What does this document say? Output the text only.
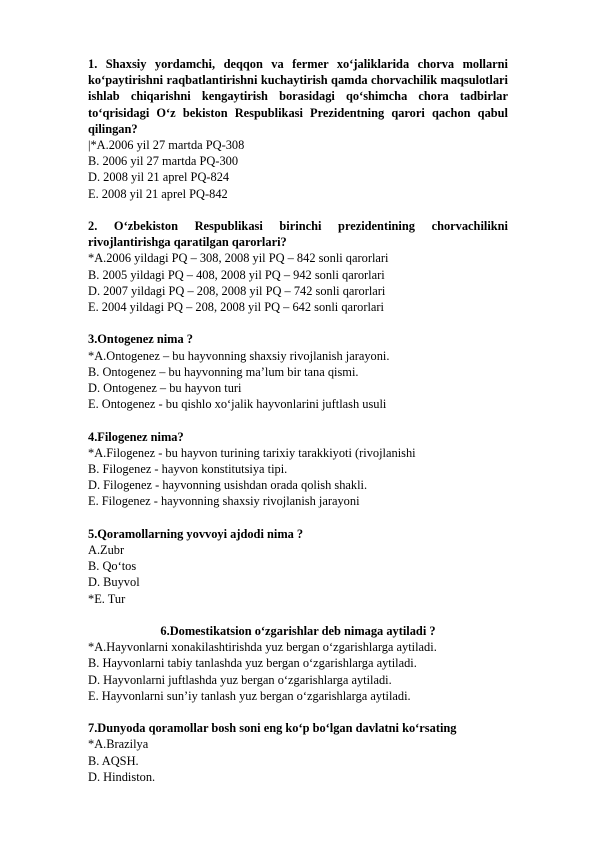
1. Shaxsiy yordamchi, deqqon va fermer xo‘jaliklarida chorva mollarni ko‘paytirishni raqbatlantirishni kuchaytirish qamda chorvachilik maqsulotlari ishlab chiqarishni kengaytirish borasidagi qo‘shimcha chora tadbirlar to‘qrisidagi O‘z bekiston Respublikasi Prezidentning qarori qachon qabul qilingan?
|*A.2006 yil 27 martda PQ-308
B. 2006 yil 27 martda PQ-300
D. 2008 yil 21 aprel PQ-824
E. 2008 yil 21 aprel PQ-842
2. O‘zbekiston Respublikasi birinchi prezidentining chorvachilikni rivojlantirishga qaratilgan qarorlari?
*A.2006 yildagi PQ – 308, 2008 yil PQ – 842 sonli qarorlari
B. 2005 yildagi PQ – 408, 2008 yil PQ – 942 sonli qarorlari
D. 2007 yildagi PQ – 208, 2008 yil PQ – 742 sonli qarorlari
E. 2004 yildagi PQ – 208, 2008 yil PQ – 642 sonli qarorlari
3.Ontogenez nima ?
*A.Ontogenez – bu hayvonning shaxsiy rivojlanish jarayoni.
B. Ontogenez – bu hayvonning ma’lum bir tana qismi.
D. Ontogenez – bu hayvon turi
E. Ontogenez - bu qishlo xo‘jalik hayvonlarini juftlash usuli
4.Filogenez nima?
*A.Filogenez - bu hayvon turining tarixiy tarakkiyoti (rivojlanishi
B. Filogenez - hayvon konstitutsiya tipi.
D. Filogenez - hayvonning usishdan orada qolish shakli.
E. Filogenez - hayvonning shaxsiy rivojlanish jarayoni
5.Qoramollarning yovvoyi ajdodi nima ?
A.Zubr
B. Qo‘tos
D. Buyvol
*E. Tur
6.Domestikatsion o‘zgarishlar deb nimaga aytiladi ?
*A.Hayvonlarni xonakilashtirishda yuz bergan o‘zgarishlarga aytiladi.
B. Hayvonlarni tabiy tanlashda yuz bergan o‘zgarishlarga aytiladi.
D. Hayvonlarni juftlashda yuz bergan o‘zgarishlarga aytiladi.
E. Hayvonlarni sun’iy tanlash yuz bergan o‘zgarishlarga aytiladi.
7.Dunyoda qoramollar bosh soni eng ko‘p bo‘lgan davlatni ko‘rsating
*A.Brazilya
B. AQSH.
D. Hindiston.
